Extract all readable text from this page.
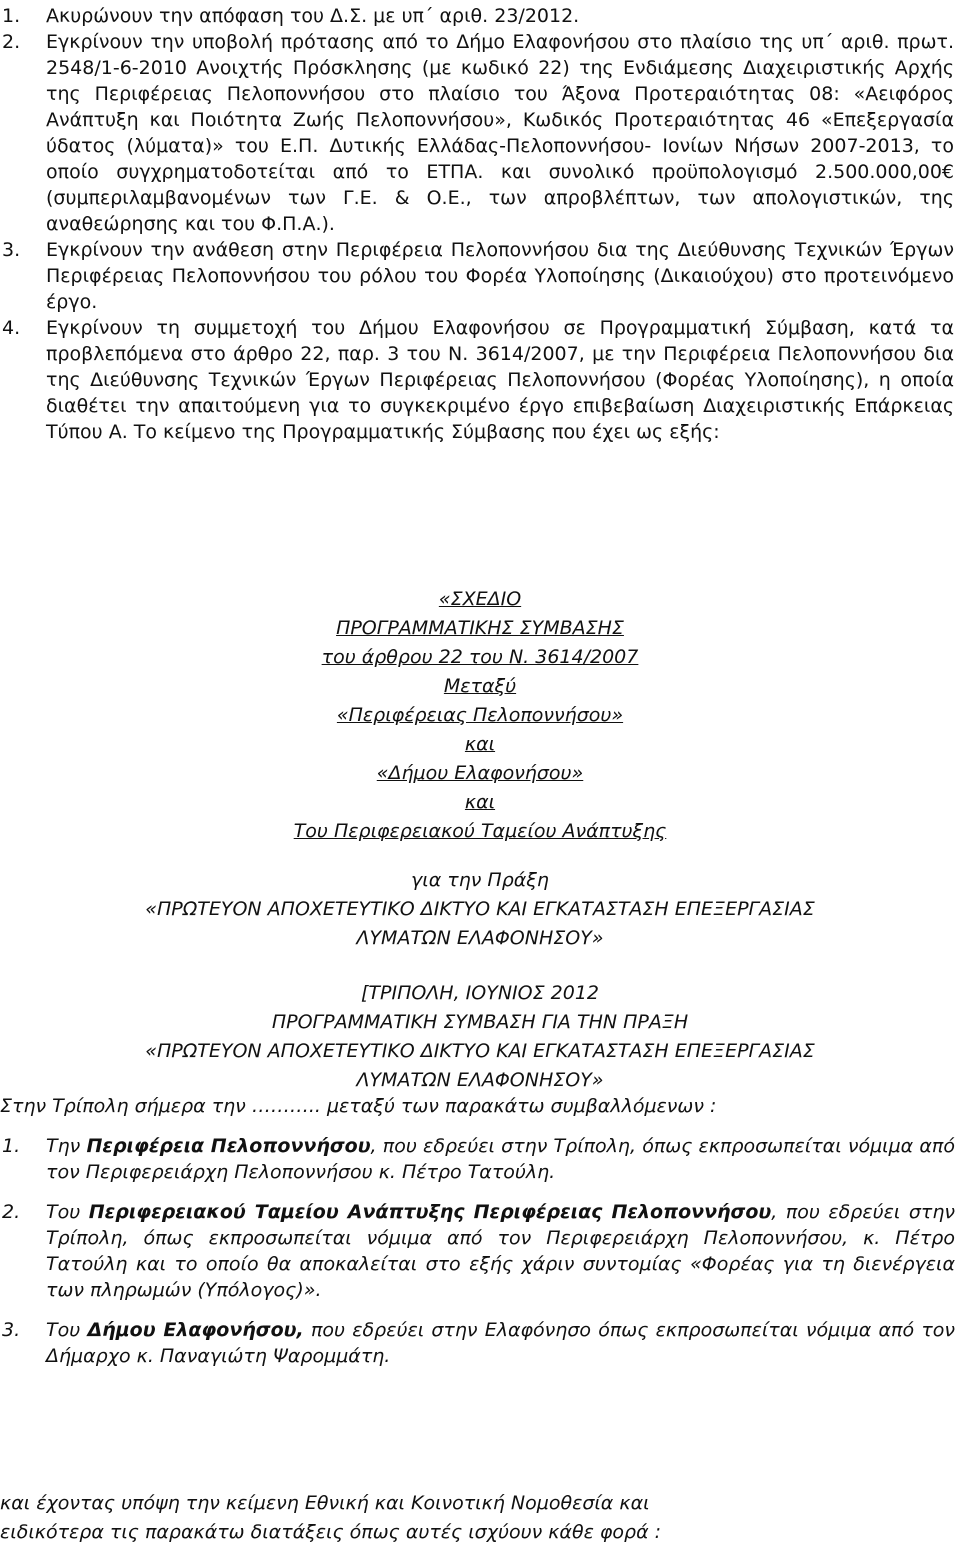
1. Ακυρώνουν την απόφαση του Δ.Σ. με υπ΄ αριθ. 23/2012.
2. Εγκρίνουν την υποβολή πρότασης από το Δήμο Ελαφονήσου στο πλαίσιο της υπ΄ αριθ. πρωτ. 2548/1-6-2010 Ανοιχτής Πρόσκλησης (με κωδικό 22) της Ενδιάμεσης Διαχειριστικής Αρχής της Περιφέρειας Πελοποννήσου στο πλαίσιο του Άξονα Προτεραιότητας 08: «Αειφόρος Ανάπτυξη και Ποιότητα Ζωής Πελοποννήσου», Κωδικός Προτεραιότητας 46 «Επεξεργασία ύδατος (λύματα)» του Ε.Π. Δυτικής Ελλάδας-Πελοποννήσου- Ιονίων Νήσων 2007-2013, το οποίο συγχρηματοδοτείται από το ΕΤΠΑ. και συνολικό προϋπολογισμό 2.500.000,00€ (συμπεριλαμβανομένων των Γ.Ε. & Ο.Ε., των απροβλέπτων, των απολογιστικών, της αναθεώρησης και του Φ.Π.Α.).
3. Εγκρίνουν την ανάθεση στην Περιφέρεια Πελοποννήσου δια της Διεύθυνσης Τεχνικών Έργων Περιφέρειας Πελοποννήσου του ρόλου του Φορέα Υλοποίησης (Δικαιούχου) στο προτεινόμενο έργο.
4. Εγκρίνουν τη συμμετοχή του Δήμου Ελαφονήσου σε Προγραμματική Σύμβαση, κατά τα προβλεπόμενα στο άρθρο 22, παρ. 3 του Ν. 3614/2007, με την Περιφέρεια Πελοποννήσου δια της Διεύθυνσης Τεχνικών Έργων Περιφέρειας Πελοποννήσου (Φορέας Υλοποίησης), η οποία διαθέτει την απαιτούμενη για το συγκεκριμένο έργο επιβεβαίωση Διαχειριστικής Επάρκειας Τύπου Α. Το κείμενο της Προγραμματικής Σύμβασης που έχει ως εξής:
«ΣΧΕΔΙΟ
ΠΡΟΓΡΑΜΜΑΤΙΚΗΣ ΣΥΜΒΑΣΗΣ
του άρθρου 22 του Ν. 3614/2007
Μεταξύ
«Περιφέρειας Πελοποννήσου»
και
«Δήμου Ελαφονήσου»
και
Του Περιφερειακού Ταμείου Ανάπτυξης
για την Πράξη
«ΠΡΩΤΕΥΟΝ ΑΠΟΧΕΤΕΥΤΙΚΟ ΔΙΚΤΥΟ ΚΑΙ ΕΓΚΑΤΑΣΤΑΣΗ ΕΠΕΞΕΡΓΑΣΙΑΣ
ΛΥΜΑΤΩΝ ΕΛΑΦΟΝΗΣΟΥ»
[ΤΡΙΠΟΛΗ, ΙΟΥΝΙΟΣ 2012
ΠΡΟΓΡΑΜΜΑΤΙΚΗ ΣΥΜΒΑΣΗ ΓΙΑ ΤΗΝ ΠΡΑΞΗ
«ΠΡΩΤΕΥΟΝ ΑΠΟΧΕΤΕΥΤΙΚΟ ΔΙΚΤΥΟ ΚΑΙ ΕΓΚΑΤΑΣΤΑΣΗ ΕΠΕΞΕΡΓΑΣΙΑΣ
ΛΥΜΑΤΩΝ ΕΛΑΦΟΝΗΣΟΥ»
Στην Τρίπολη σήμερα την ……….. μεταξύ των παρακάτω συμβαλλόμενων :
1. Την Περιφέρεια Πελοποννήσου, που εδρεύει στην Τρίπολη, όπως εκπροσωπείται νόμιμα από τον Περιφερειάρχη Πελοποννήσου κ. Πέτρο Τατούλη.
2. Του Περιφερειακού Ταμείου Ανάπτυξης Περιφέρειας Πελοποννήσου, που εδρεύει στην Τρίπολη, όπως εκπροσωπείται νόμιμα από τον Περιφερειάρχη Πελοποννήσου, κ. Πέτρο Τατούλη και το οποίο θα αποκαλείται στο εξής χάριν συντομίας «Φορέας για τη διενέργεια των πληρωμών (Υπόλογος)».
3. Του Δήμου Ελαφονήσου, που εδρεύει στην Ελαφόνησο όπως εκπροσωπείται νόμιμα από τον Δήμαρχο κ. Παναγιώτη Ψαρομμάτη.
και έχοντας υπόψη την κείμενη Εθνική και Κοινοτική Νομοθεσία και
ειδικότερα τις παρακάτω διατάξεις όπως αυτές ισχύουν κάθε φορά :
